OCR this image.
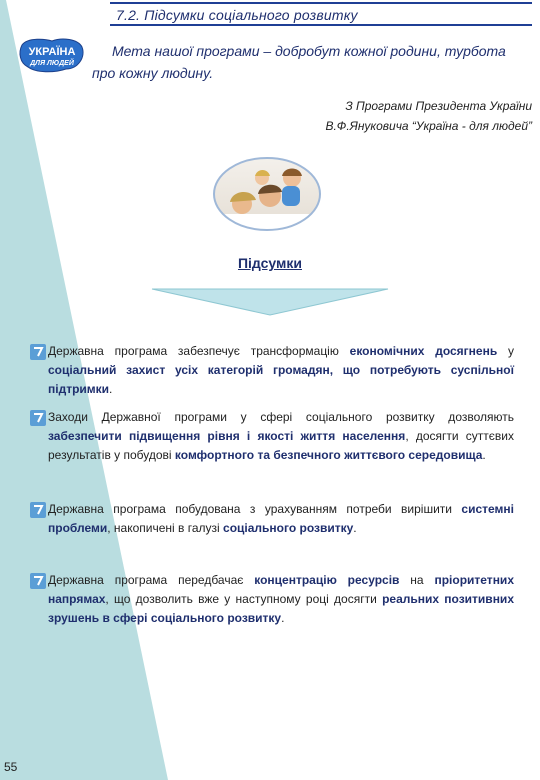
7.2. Підсумки соціального розвитку
УКРАЇНА
ДЛЯ ЛЮДЕЙ
Мета нашої програми – добробут кожної родини, турбота про кожну людину.
З Програми Президента України
В.Ф.Януковича “Україна - для людей”
Підсумки
Державна програма забезпечує трансформацію економічних досягнень у соціальний захист усіх категорій громадян, що потребують суспільної підтримки.
Заходи Державної програми у сфері соціального розвитку дозволяють забезпечити підвищення рівня і якості життя населення, досягти суттєвих результатів у побудові комфортного та безпечного життєвого середовища.
Державна програма побудована з урахуванням потреби вирішити системні проблеми, накопичені в галузі соціального розвитку.
Державна програма передбачає концентрацію ресурсів на пріоритетних напрямах, що дозволить вже у наступному році досягти реальних позитивних зрушень в сфері соціального розвитку.
55
